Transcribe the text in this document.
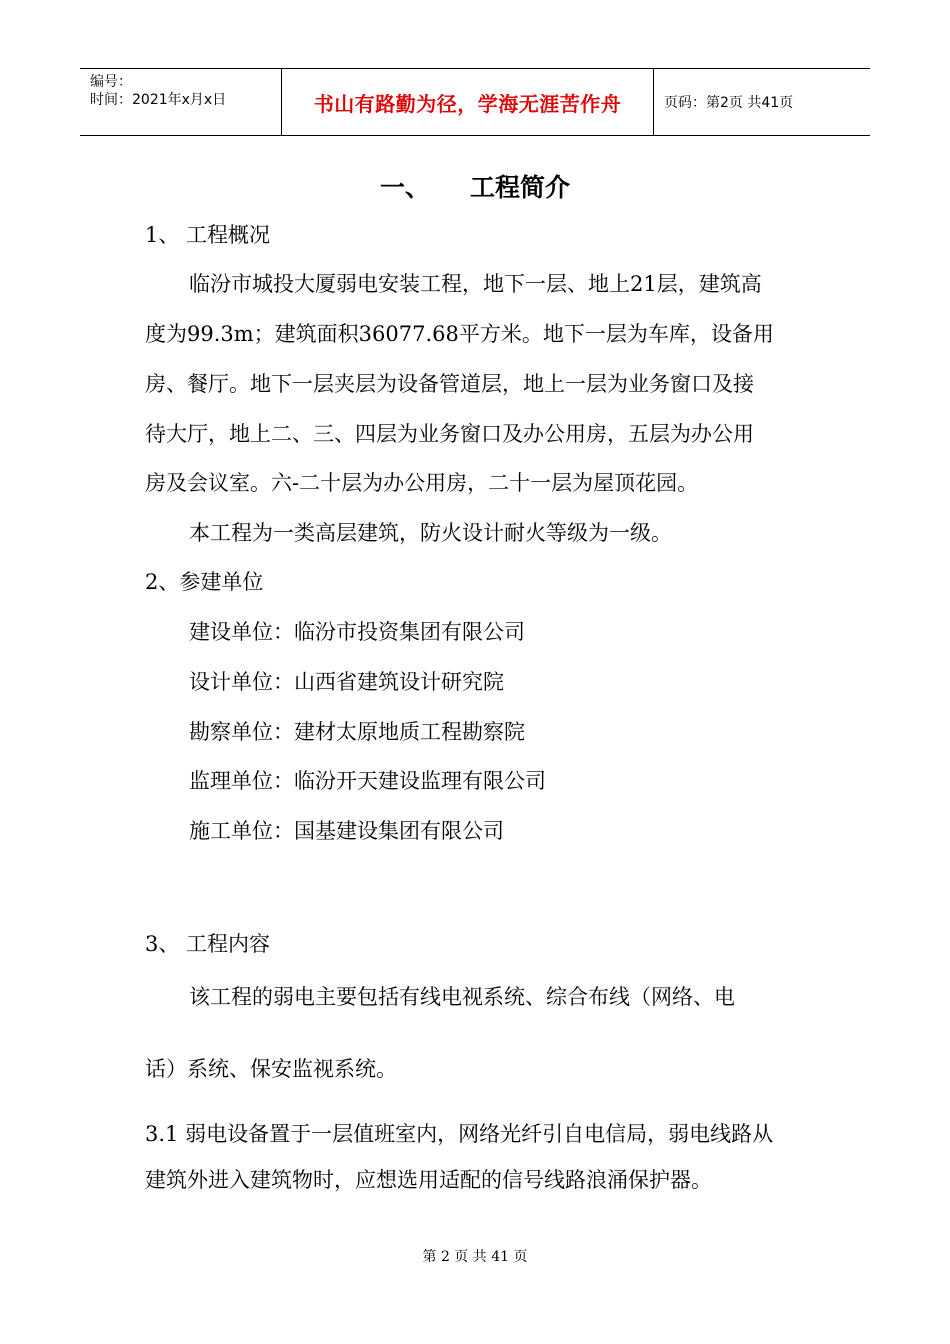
编号：
时间：2021年x月x日	书山有路勤为径，学海无涯苦作舟	页码：第2页 共41页
一、 工程简介
1、 工程概况
临汾市城投大厦弱电安装工程，地下一层、地上21层，建筑高
度为99.3m；建筑面积36077.68平方米。地下一层为车库，设备用
房、餐厅。地下一层夹层为设备管道层，地上一层为业务窗口及接
待大厅，地上二、三、四层为业务窗口及办公用房，五层为办公用
房及会议室。六-二十层为办公用房，二十一层为屋顶花园。
本工程为一类高层建筑，防火设计耐火等级为一级。
2、参建单位
建设单位：临汾市投资集团有限公司
设计单位：山西省建筑设计研究院
勘察单位：建材太原地质工程勘察院
监理单位：临汾开天建设监理有限公司
施工单位：国基建设集团有限公司
3、 工程内容
该工程的弱电主要包括有线电视系统、综合布线（网络、电
话）系统、保安监视系统。
3.1 弱电设备置于一层值班室内，网络光纤引自电信局，弱电线路从
建筑外进入建筑物时，应想选用适配的信号线路浪涌保护器。
第 2 页 共 41 页
